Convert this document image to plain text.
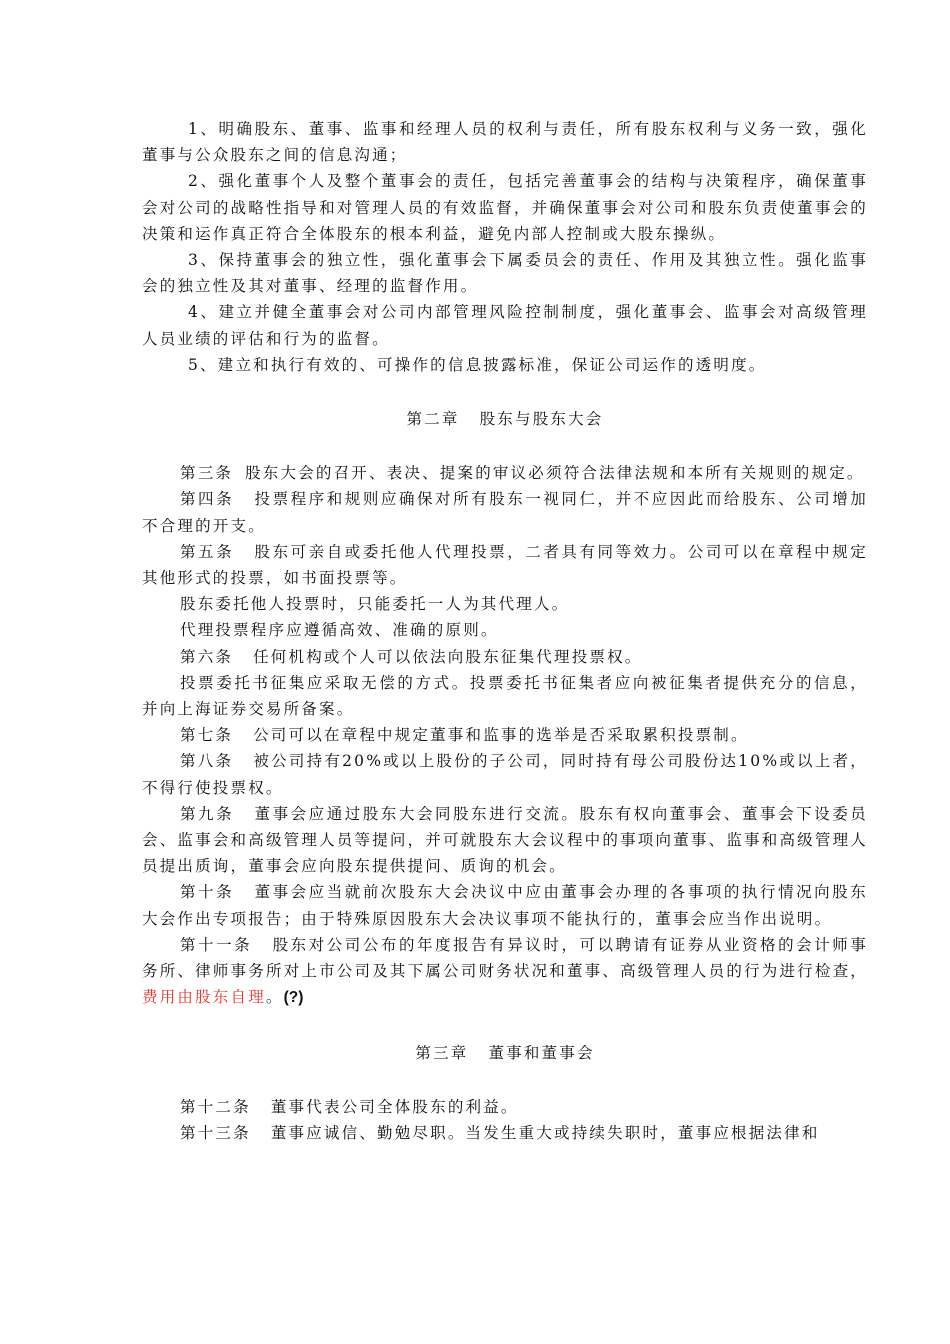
1、明确股东、董事、监事和经理人员的权利与责任，所有股东权利与义务一致，强化董事与公众股东之间的信息沟通；

2、强化董事个人及整个董事会的责任，包括完善董事会的结构与决策程序，确保董事会对公司的战略性指导和对管理人员的有效监督，并确保董事会对公司和股东负责使董事会的决策和运作真正符合全体股东的根本利益，避免内部人控制或大股东操纵。

3、保持董事会的独立性，强化董事会下属委员会的责任、作用及其独立性。强化监事会的独立性及其对董事、经理的监督作用。

4、建立并健全董事会对公司内部管理风险控制制度，强化董事会、监事会对高级管理人员业绩的评估和行为的监督。

5、建立和执行有效的、可操作的信息披露标准，保证公司运作的透明度。

第二章 股东与股东大会

第三条 股东大会的召开、表决、提案的审议必须符合法律法规和本所有关规则的规定。

第四条 投票程序和规则应确保对所有股东一视同仁，并不应因此而给股东、公司增加不合理的开支。

第五条 股东可亲自或委托他人代理投票，二者具有同等效力。公司可以在章程中规定其他形式的投票，如书面投票等。

股东委托他人投票时，只能委托一人为其代理人。

代理投票程序应遵循高效、准确的原则。

第六条 任何机构或个人可以依法向股东征集代理投票权。

投票委托书征集应采取无偿的方式。投票委托书征集者应向被征集者提供充分的信息，并向上海证券交易所备案。

第七条 公司可以在章程中规定董事和监事的选举是否采取累积投票制。

第八条 被公司持有20%或以上股份的子公司，同时持有母公司股份达10%或以上者，不得行使投票权。

第九条 董事会应通过股东大会同股东进行交流。股东有权向董事会、董事会下设委员会、监事会和高级管理人员等提问，并可就股东大会议程中的事项向董事、监事和高级管理人员提出质询，董事会应向股东提供提问、质询的机会。

第十条 董事会应当就前次股东大会决议中应由董事会办理的各事项的执行情况向股东大会作出专项报告；由于特殊原因股东大会决议事项不能执行的，董事会应当作出说明。

第十一条 股东对公司公布的年度报告有异议时，可以聘请有证券从业资格的会计师事务所、律师事务所对上市公司及其下属公司财务状况和董事、高级管理人员的行为进行检查，费用由股东自理。(?)

第三章 董事和董事会

第十二条 董事代表公司全体股东的利益。

第十三条 董事应诚信、勤勉尽职。当发生重大或持续失职时，董事应根据法律和
